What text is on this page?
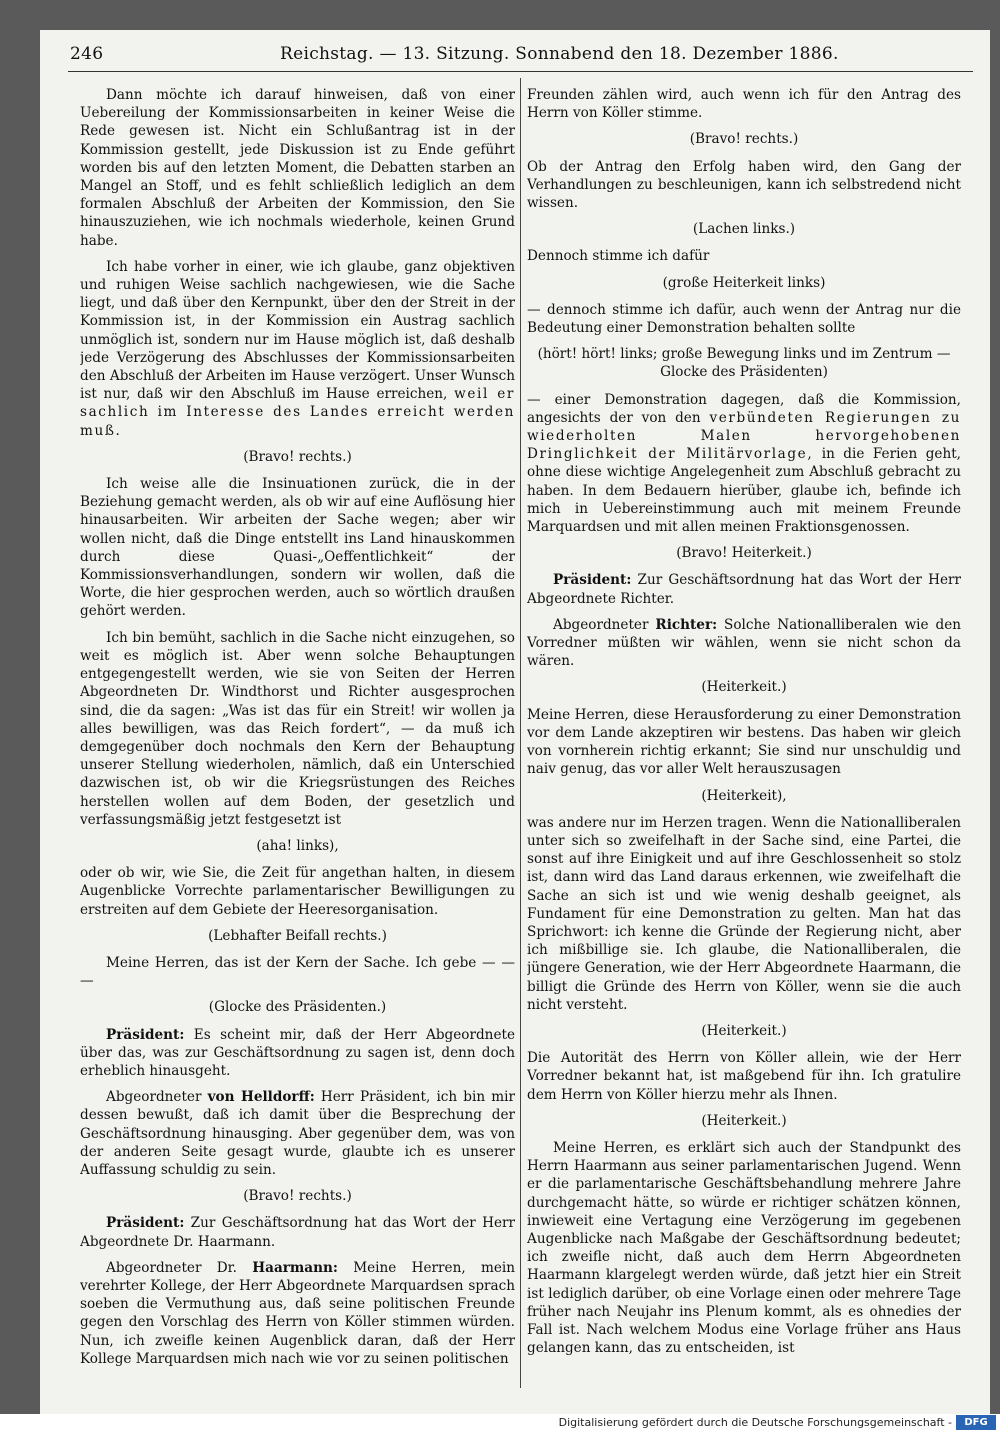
246	Reichstag. — 13. Sitzung. Sonnabend den 18. Dezember 1886.

Dann möchte ich darauf hinweisen, daß von einer Uebereilung der Kommissionsarbeiten in keiner Weise die Rede gewesen ist. Nicht ein Schlußantrag ist in der Kommission gestellt, jede Diskussion ist zu Ende geführt worden bis auf den letzten Moment, die Debatten starben an Mangel an Stoff, und es fehlt schließlich lediglich an dem formalen Abschluß der Arbeiten der Kommission, den Sie hinauszuziehen, wie ich nochmals wiederhole, keinen Grund habe.

Ich habe vorher in einer, wie ich glaube, ganz objektiven und ruhigen Weise sachlich nachgewiesen, wie die Sache liegt, und daß über den Kernpunkt, über den der Streit in der Kommission ist, in der Kommission ein Austrag sachlich unmöglich ist, sondern nur im Hause möglich ist, daß deshalb jede Verzögerung des Abschlusses der Kommissionsarbeiten den Abschluß der Arbeiten im Hause verzögert. Unser Wunsch ist nur, daß wir den Abschluß im Hause erreichen, weil er sachlich im Interesse des Landes erreicht werden muß.

(Bravo! rechts.)

Ich weise alle die Insinuationen zurück, die in der Beziehung gemacht werden, als ob wir auf eine Auflösung hier hinausarbeiten. Wir arbeiten der Sache wegen; aber wir wollen nicht, daß die Dinge entstellt ins Land hinauskommen durch diese Quasi-„Oeffentlichkeit“ der Kommissionsverhandlungen, sondern wir wollen, daß die Worte, die hier gesprochen werden, auch so wörtlich draußen gehört werden.

Ich bin bemüht, sachlich in die Sache nicht einzugehen, so weit es möglich ist. Aber wenn solche Behauptungen entgegengestellt werden, wie sie von Seiten der Herren Abgeordneten Dr. Windthorst und Richter ausgesprochen sind, die da sagen: „Was ist das für ein Streit! wir wollen ja alles bewilligen, was das Reich fordert“, — da muß ich demgegenüber doch nochmals den Kern der Behauptung unserer Stellung wiederholen, nämlich, daß ein Unterschied dazwischen ist, ob wir die Kriegsrüstungen des Reiches herstellen wollen auf dem Boden, der gesetzlich und verfassungsmäßig jetzt festgesetzt ist

(aha! links),

oder ob wir, wie Sie, die Zeit für angethan halten, in diesem Augenblicke Vorrechte parlamentarischer Bewilligungen zu erstreiten auf dem Gebiete der Heeresorganisation.

(Lebhafter Beifall rechts.)

Meine Herren, das ist der Kern der Sache. Ich gebe — — —

(Glocke des Präsidenten.)

Präsident: Es scheint mir, daß der Herr Abgeordnete über das, was zur Geschäftsordnung zu sagen ist, denn doch erheblich hinausgeht.

Abgeordneter von Helldorff: Herr Präsident, ich bin mir dessen bewußt, daß ich damit über die Besprechung der Geschäftsordnung hinausging. Aber gegenüber dem, was von der anderen Seite gesagt wurde, glaubte ich es unserer Auffassung schuldig zu sein.

(Bravo! rechts.)

Präsident: Zur Geschäftsordnung hat das Wort der Herr Abgeordnete Dr. Haarmann.

Abgeordneter Dr. Haarmann: Meine Herren, mein verehrter Kollege, der Herr Abgeordnete Marquardsen sprach soeben die Vermuthung aus, daß seine politischen Freunde gegen den Vorschlag des Herrn von Köller stimmen würden. Nun, ich zweifle keinen Augenblick daran, daß der Herr Kollege Marquardsen mich nach wie vor zu seinen politischen

Freunden zählen wird, auch wenn ich für den Antrag des Herrn von Köller stimme.

(Bravo! rechts.)

Ob der Antrag den Erfolg haben wird, den Gang der Verhandlungen zu beschleunigen, kann ich selbstredend nicht wissen.

(Lachen links.)

Dennoch stimme ich dafür

(große Heiterkeit links)

— dennoch stimme ich dafür, auch wenn der Antrag nur die Bedeutung einer Demonstration behalten sollte

(hört! hört! links; große Bewegung links und im Zentrum — Glocke des Präsidenten)

— einer Demonstration dagegen, daß die Kommission, angesichts der von den verbündeten Regierungen zu wiederholten Malen hervorgehobenen Dringlichkeit der Militärvorlage, in die Ferien geht, ohne diese wichtige Angelegenheit zum Abschluß gebracht zu haben. In dem Bedauern hierüber, glaube ich, befinde ich mich in Uebereinstimmung auch mit meinem Freunde Marquardsen und mit allen meinen Fraktionsgenossen.

(Bravo! Heiterkeit.)

Präsident: Zur Geschäftsordnung hat das Wort der Herr Abgeordnete Richter.

Abgeordneter Richter: Solche Nationalliberalen wie den Vorredner müßten wir wählen, wenn sie nicht schon da wären.

(Heiterkeit.)

Meine Herren, diese Herausforderung zu einer Demonstration vor dem Lande akzeptiren wir bestens. Das haben wir gleich von vornherein richtig erkannt; Sie sind nur unschuldig und naiv genug, das vor aller Welt herauszusagen

(Heiterkeit),

was andere nur im Herzen tragen. Wenn die Nationalliberalen unter sich so zweifelhaft in der Sache sind, eine Partei, die sonst auf ihre Einigkeit und auf ihre Geschlossenheit so stolz ist, dann wird das Land daraus erkennen, wie zweifelhaft die Sache an sich ist und wie wenig deshalb geeignet, als Fundament für eine Demonstration zu gelten. Man hat das Sprichwort: ich kenne die Gründe der Regierung nicht, aber ich mißbillige sie. Ich glaube, die Nationalliberalen, die jüngere Generation, wie der Herr Abgeordnete Haarmann, die billigt die Gründe des Herrn von Köller, wenn sie die auch nicht versteht.

(Heiterkeit.)

Die Autorität des Herrn von Köller allein, wie der Herr Vorredner bekannt hat, ist maßgebend für ihn. Ich gratulire dem Herrn von Köller hierzu mehr als Ihnen.

(Heiterkeit.)

Meine Herren, es erklärt sich auch der Standpunkt des Herrn Haarmann aus seiner parlamentarischen Jugend. Wenn er die parlamentarische Geschäftsbehandlung mehrere Jahre durchgemacht hätte, so würde er richtiger schätzen können, inwieweit eine Vertagung eine Verzögerung im gegebenen Augenblicke nach Maßgabe der Geschäftsordnung bedeutet; ich zweifle nicht, daß auch dem Herrn Abgeordneten Haarmann klargelegt werden würde, daß jetzt hier ein Streit ist lediglich darüber, ob eine Vorlage einen oder mehrere Tage früher nach Neujahr ins Plenum kommt, als es ohnedies der Fall ist. Nach welchem Modus eine Vorlage früher ans Haus gelangen kann, das zu entscheiden, ist

Digitalisierung gefördert durch die Deutsche Forschungsgemeinschaft -	DFG
